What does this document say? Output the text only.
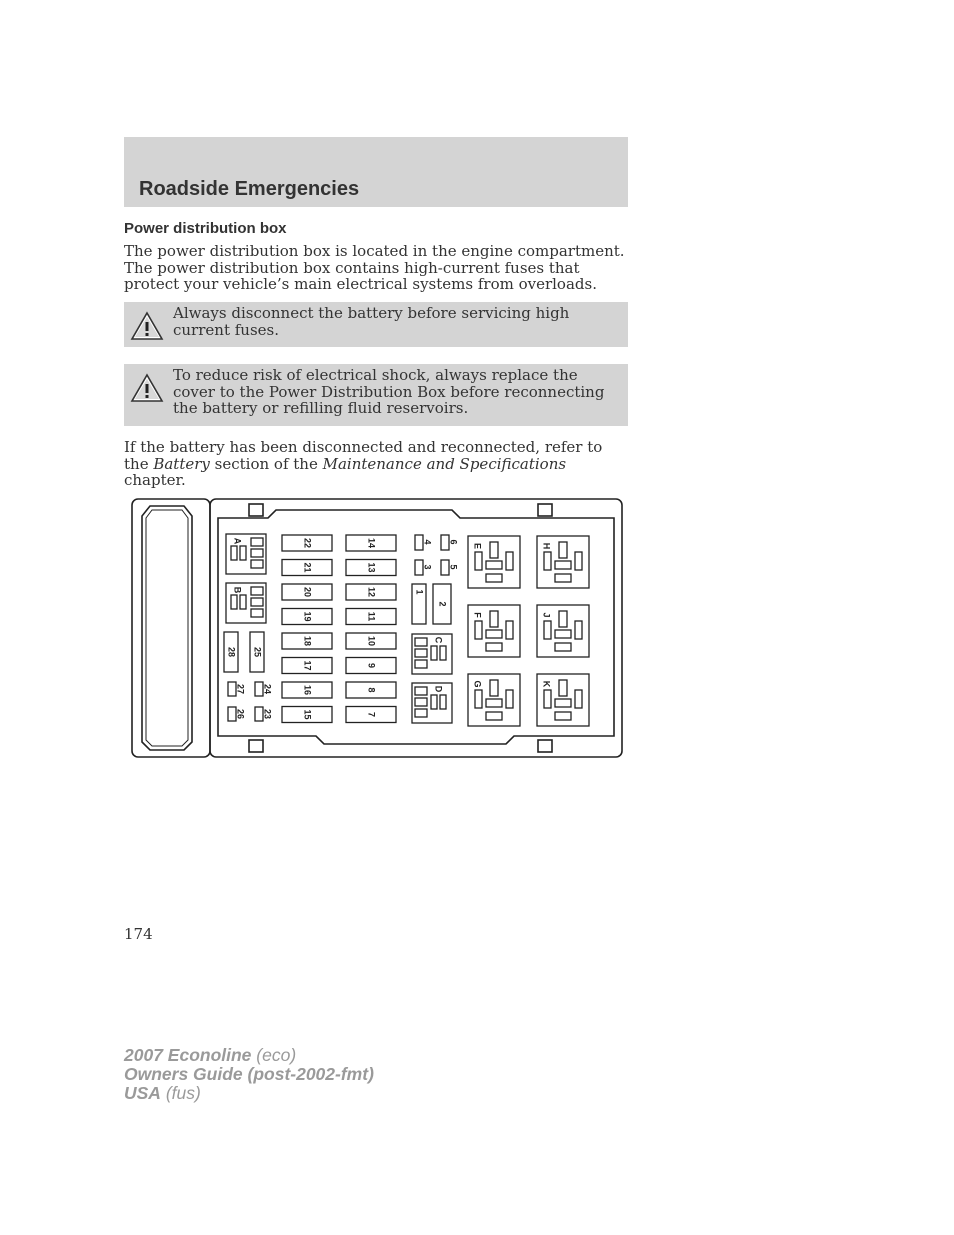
Roadside Emergencies
Power distribution box

The power distribution box is located in the engine compartment. The power distribution box contains high-current fuses that protect your vehicle’s main electrical systems from overloads.

Always disconnect the battery before servicing high current fuses.
To reduce risk of electrical shock, always replace the cover to the Power Distribution Box before reconnecting the battery or refilling fluid reservoirs.

If the battery has been disconnected and reconnected, refer to the Battery section of the Maintenance and Specifications chapter.

A
B
28 25
27 24
26 23
22
21
20
19
18
17
16
15
14
13
12
11
10
9
8
7
4 6
3 5
1
2
C
D
E
F
G
H
J
K

174

2007 Econoline (eco)
Owners Guide (post-2002-fmt)
USA (fus)
